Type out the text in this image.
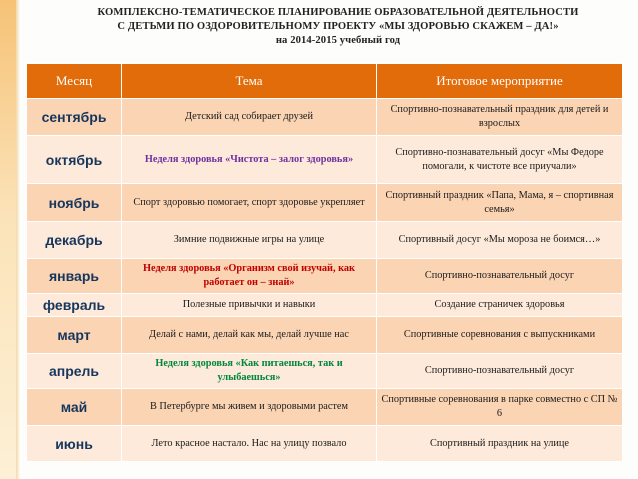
КОМПЛЕКСНО-ТЕМАТИЧЕСКОЕ ПЛАНИРОВАНИЕ ОБРАЗОВАТЕЛЬНОЙ ДЕЯТЕЛЬНОСТИ
С ДЕТЬМИ ПО ОЗДОРОВИТЕЛЬНОМУ ПРОЕКТУ «МЫ ЗДОРОВЬЮ СКАЖЕМ – ДА!»
на 2014-2015 учебный год
Месяц	Тема	Итоговое мероприятие
сентябрь	Детский сад собирает друзей	Спортивно-познавательный праздник для детей и взрослых
октябрь	Неделя здоровья «Чистота – залог здоровья»	Спортивно-познавательный досуг «Мы Федоре помогали, к чистоте все приучали»
ноябрь	Спорт здоровью помогает, спорт здоровье укрепляет	Спортивный праздник «Папа, Мама, я – спортивная семья»
декабрь	Зимние подвижные игры на улице	Спортивный досуг «Мы мороза не боимся…»
январь	Неделя здоровья «Организм свой изучай, как работает он – знай»	Спортивно-познавательный досуг
февраль	Полезные привычки и навыки	Создание страничек здоровья
март	Делай с нами, делай как мы, делай лучше нас	Спортивные соревнования с выпускниками
апрель	Неделя здоровья «Как питаешься, так и улыбаешься»	Спортивно-познавательный досуг
май	В Петербурге мы живем и здоровыми растем	Спортивные соревнования в парке совместно с СП № 6
июнь	Лето красное настало. Нас на улицу позвало	Спортивный праздник на улице
